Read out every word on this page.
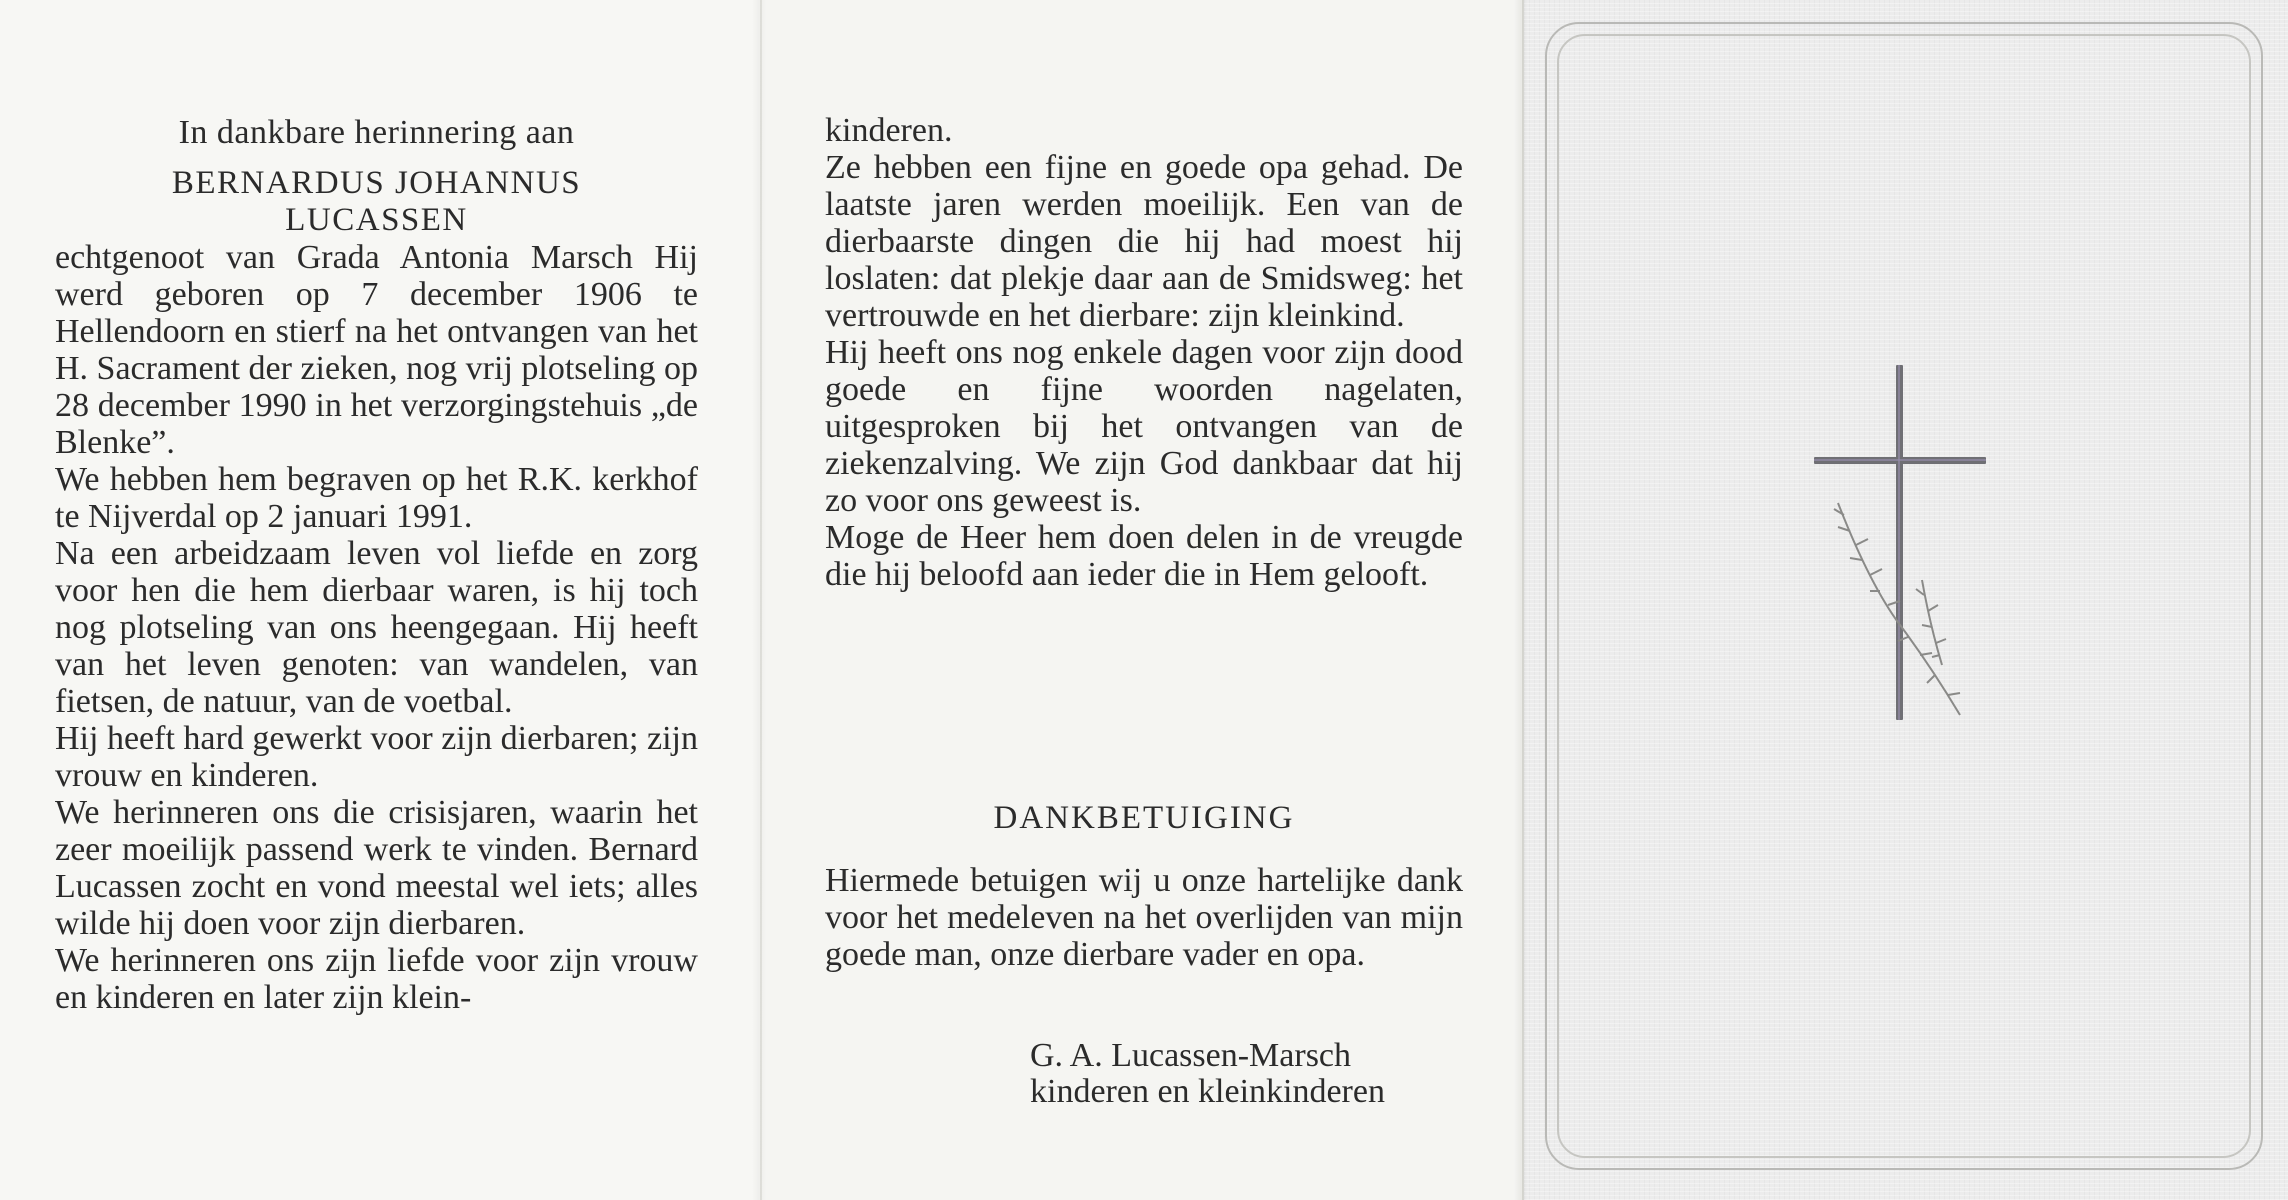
In dankbare herinnering aan

BERNARDUS JOHANNUS

LUCASSEN

echtgenoot van Grada Antonia Marsch Hij werd geboren op 7 december 1906 te Hellendoorn en stierf na het ontvangen van het H. Sacrament der zieken, nog vrij plotseling op 28 december 1990 in het verzorgingstehuis „de Blenke”.

We hebben hem begraven op het R.K. kerkhof te Nijverdal op 2 januari 1991.

Na een arbeidzaam leven vol liefde en zorg voor hen die hem dierbaar waren, is hij toch nog plotseling van ons heengegaan. Hij heeft van het leven genoten: van wandelen, van fietsen, de natuur, van de voetbal.

Hij heeft hard gewerkt voor zijn dierbaren; zijn vrouw en kinderen.

We herinneren ons die crisisjaren, waarin het zeer moeilijk passend werk te vinden. Bernard Lucassen zocht en vond meestal wel iets; alles wilde hij doen voor zijn dierbaren.

We herinneren ons zijn liefde voor zijn vrouw en kinderen en later zijn klein-

kinderen.

Ze hebben een fijne en goede opa gehad. De laatste jaren werden moeilijk. Een van de dierbaarste dingen die hij had moest hij loslaten: dat plekje daar aan de Smidsweg: het vertrouwde en het dierbare: zijn kleinkind.

Hij heeft ons nog enkele dagen voor zijn dood goede en fijne woorden nagelaten, uitgesproken bij het ontvangen van de ziekenzalving. We zijn God dankbaar dat hij zo voor ons geweest is.

Moge de Heer hem doen delen in de vreugde die hij beloofd aan ieder die in Hem gelooft.

DANKBETUIGING
Hiermede betuigen wij u onze hartelijke dank voor het medeleven na het overlijden van mijn goede man, onze dierbare vader en opa.
G. A. Lucassen-Marsch
kinderen en kleinkinderen
